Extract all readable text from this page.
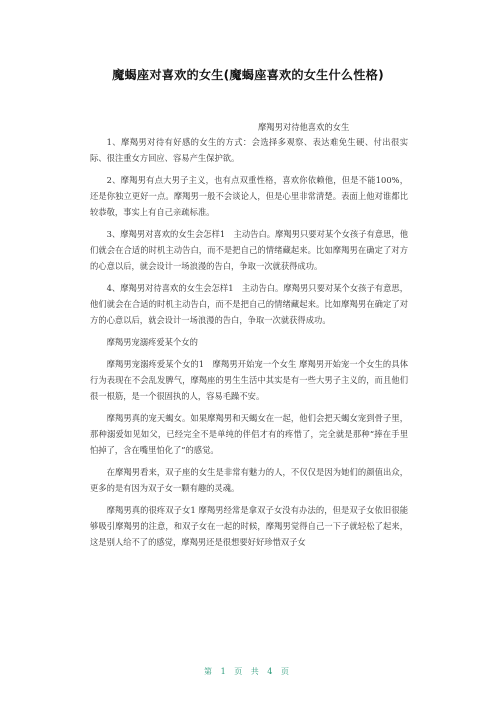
魔蝎座对喜欢的女生(魔蝎座喜欢的女生什么性格)
摩羯男对待他喜欢的女生

1、摩羯男对待有好感的女生的方式：会选择多观察、表达难免生硬、付出很实际、很注重女方回应、容易产生保护欲。

2、摩羯男有点大男子主义，也有点双重性格，喜欢你依赖他，但是不能100%，还是你独立更好一点。摩羯男一般不会谈论人，但是心里非常清楚。表面上他对谁都比较恭敬，事实上有自己亲疏标准。

3、摩羯男对喜欢的女生会怎样1　主动告白。摩羯男只要对某个女孩子有意思，他们就会在合适的时机主动告白，而不是把自己的情绪藏起来。比如摩羯男在确定了对方的心意以后，就会设计一场浪漫的告白，争取一次就获得成功。

4、摩羯男对待喜欢的女生会怎样1　主动告白。摩羯男只要对某个女孩子有意思，他们就会在合适的时机主动告白，而不是把自己的情绪藏起来。比如摩羯男在确定了对方的心意以后，就会设计一场浪漫的告白，争取一次就获得成功。

摩羯男宠溺疼爱某个女的

摩羯男宠溺疼爱某个女的1　摩羯男开始宠一个女生 摩羯男开始宠一个女生的具体行为表现在不会乱发脾气，摩羯座的男生生活中其实是有一些大男子主义的，而且他们很一根筋，是一个很固执的人，容易毛躁不安。

摩羯男真的宠天蝎女。如果摩羯男和天蝎女在一起，他们会把天蝎女宠到骨子里，那种溺爱如见如父，已经完全不是单纯的伴侣才有的疼惜了，完全就是那种“捧在手里怕掉了，含在嘴里怕化了”的感觉。

在摩羯男看来，双子座的女生是非常有魅力的人，不仅仅是因为她们的颜值出众，更多的是有因为双子女一颗有趣的灵魂。

摩羯男真的很疼双子女1 摩羯男经常是拿双子女没有办法的，但是双子女依旧很能够吸引摩羯男的注意，和双子女在一起的时候，摩羯男觉得自己一下子就轻松了起来，这是别人给不了的感觉，摩羯男还是很想要好好珍惜双子女

第 1 页 共 4 页
